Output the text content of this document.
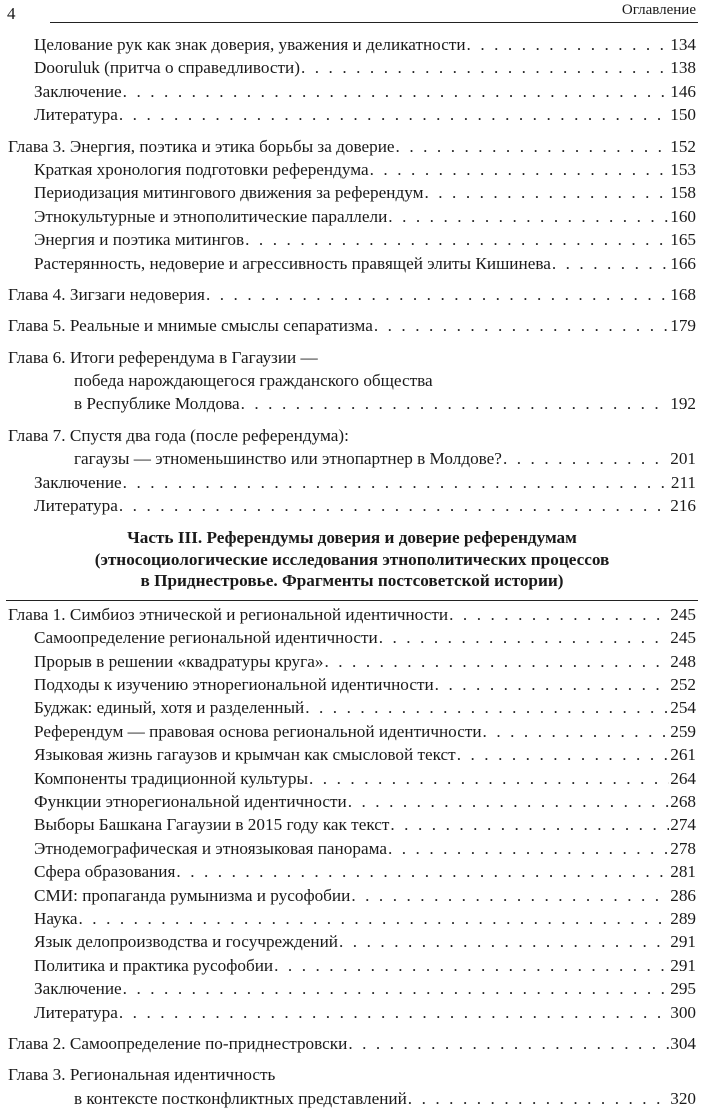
4	Оглавление
Целование рук как знак доверия, уважения и деликатности . . .	134
Dooruluk (притча о справедливости) . . .	138
Заключение . . .	146
Литература . . .	150
Глава 3. Энергия, поэтика и этика борьбы за доверие . . .	152
Краткая хронология подготовки референдума . . .	153
Периодизация митингового движения за референдум . . .	158
Этнокультурные и этнополитические параллели . . .	160
Энергия и поэтика митингов . . .	165
Растерянность, недоверие и агрессивность правящей элиты Кишинева . . .	166
Глава 4. Зигзаги недоверия . . .	168
Глава 5. Реальные и мнимые смыслы сепаратизма . . .	179
Глава 6. Итоги референдума в Гагаузии —
победа нарождающегося гражданского общества
в Республике Молдова . . .	192
Глава 7. Спустя два года (после референдума):
гагаузы — этноменьшинство или этнопартнер в Молдове? . . .	201
Заключение . . .	211
Литература . . .	216
Часть III. Референдумы доверия и доверие референдумам
(этносоциологические исследования этнополитических процессов
в Приднестровье. Фрагменты постсоветской истории)
Глава 1. Симбиоз этнической и региональной идентичности . . .	245
Самоопределение региональной идентичности . . .	245
Прорыв в решении «квадратуры круга» . . .	248
Подходы к изучению этнорегиональной идентичности . . .	252
Буджак: единый, хотя и разделенный . . .	254
Референдум — правовая основа региональной идентичности . . .	259
Языковая жизнь гагаузов и крымчан как смысловой текст . . .	261
Компоненты традиционной культуры . . .	264
Функции этнорегиональной идентичности . . .	268
Выборы Башкана Гагаузии в 2015 году как текст . . .	274
Этнодемографическая и этноязыковая панорама . . .	278
Сфера образования . . .	281
СМИ: пропаганда румынизма и русофобии . . .	286
Наука . . .	289
Язык делопроизводства и госучреждений . . .	291
Политика и практика русофобии . . .	291
Заключение . . .	295
Литература . . .	300
Глава 2. Самоопределение по-приднестровски . . .	304
Глава 3. Региональная идентичность
в контексте постконфликтных представлений . . .	320
